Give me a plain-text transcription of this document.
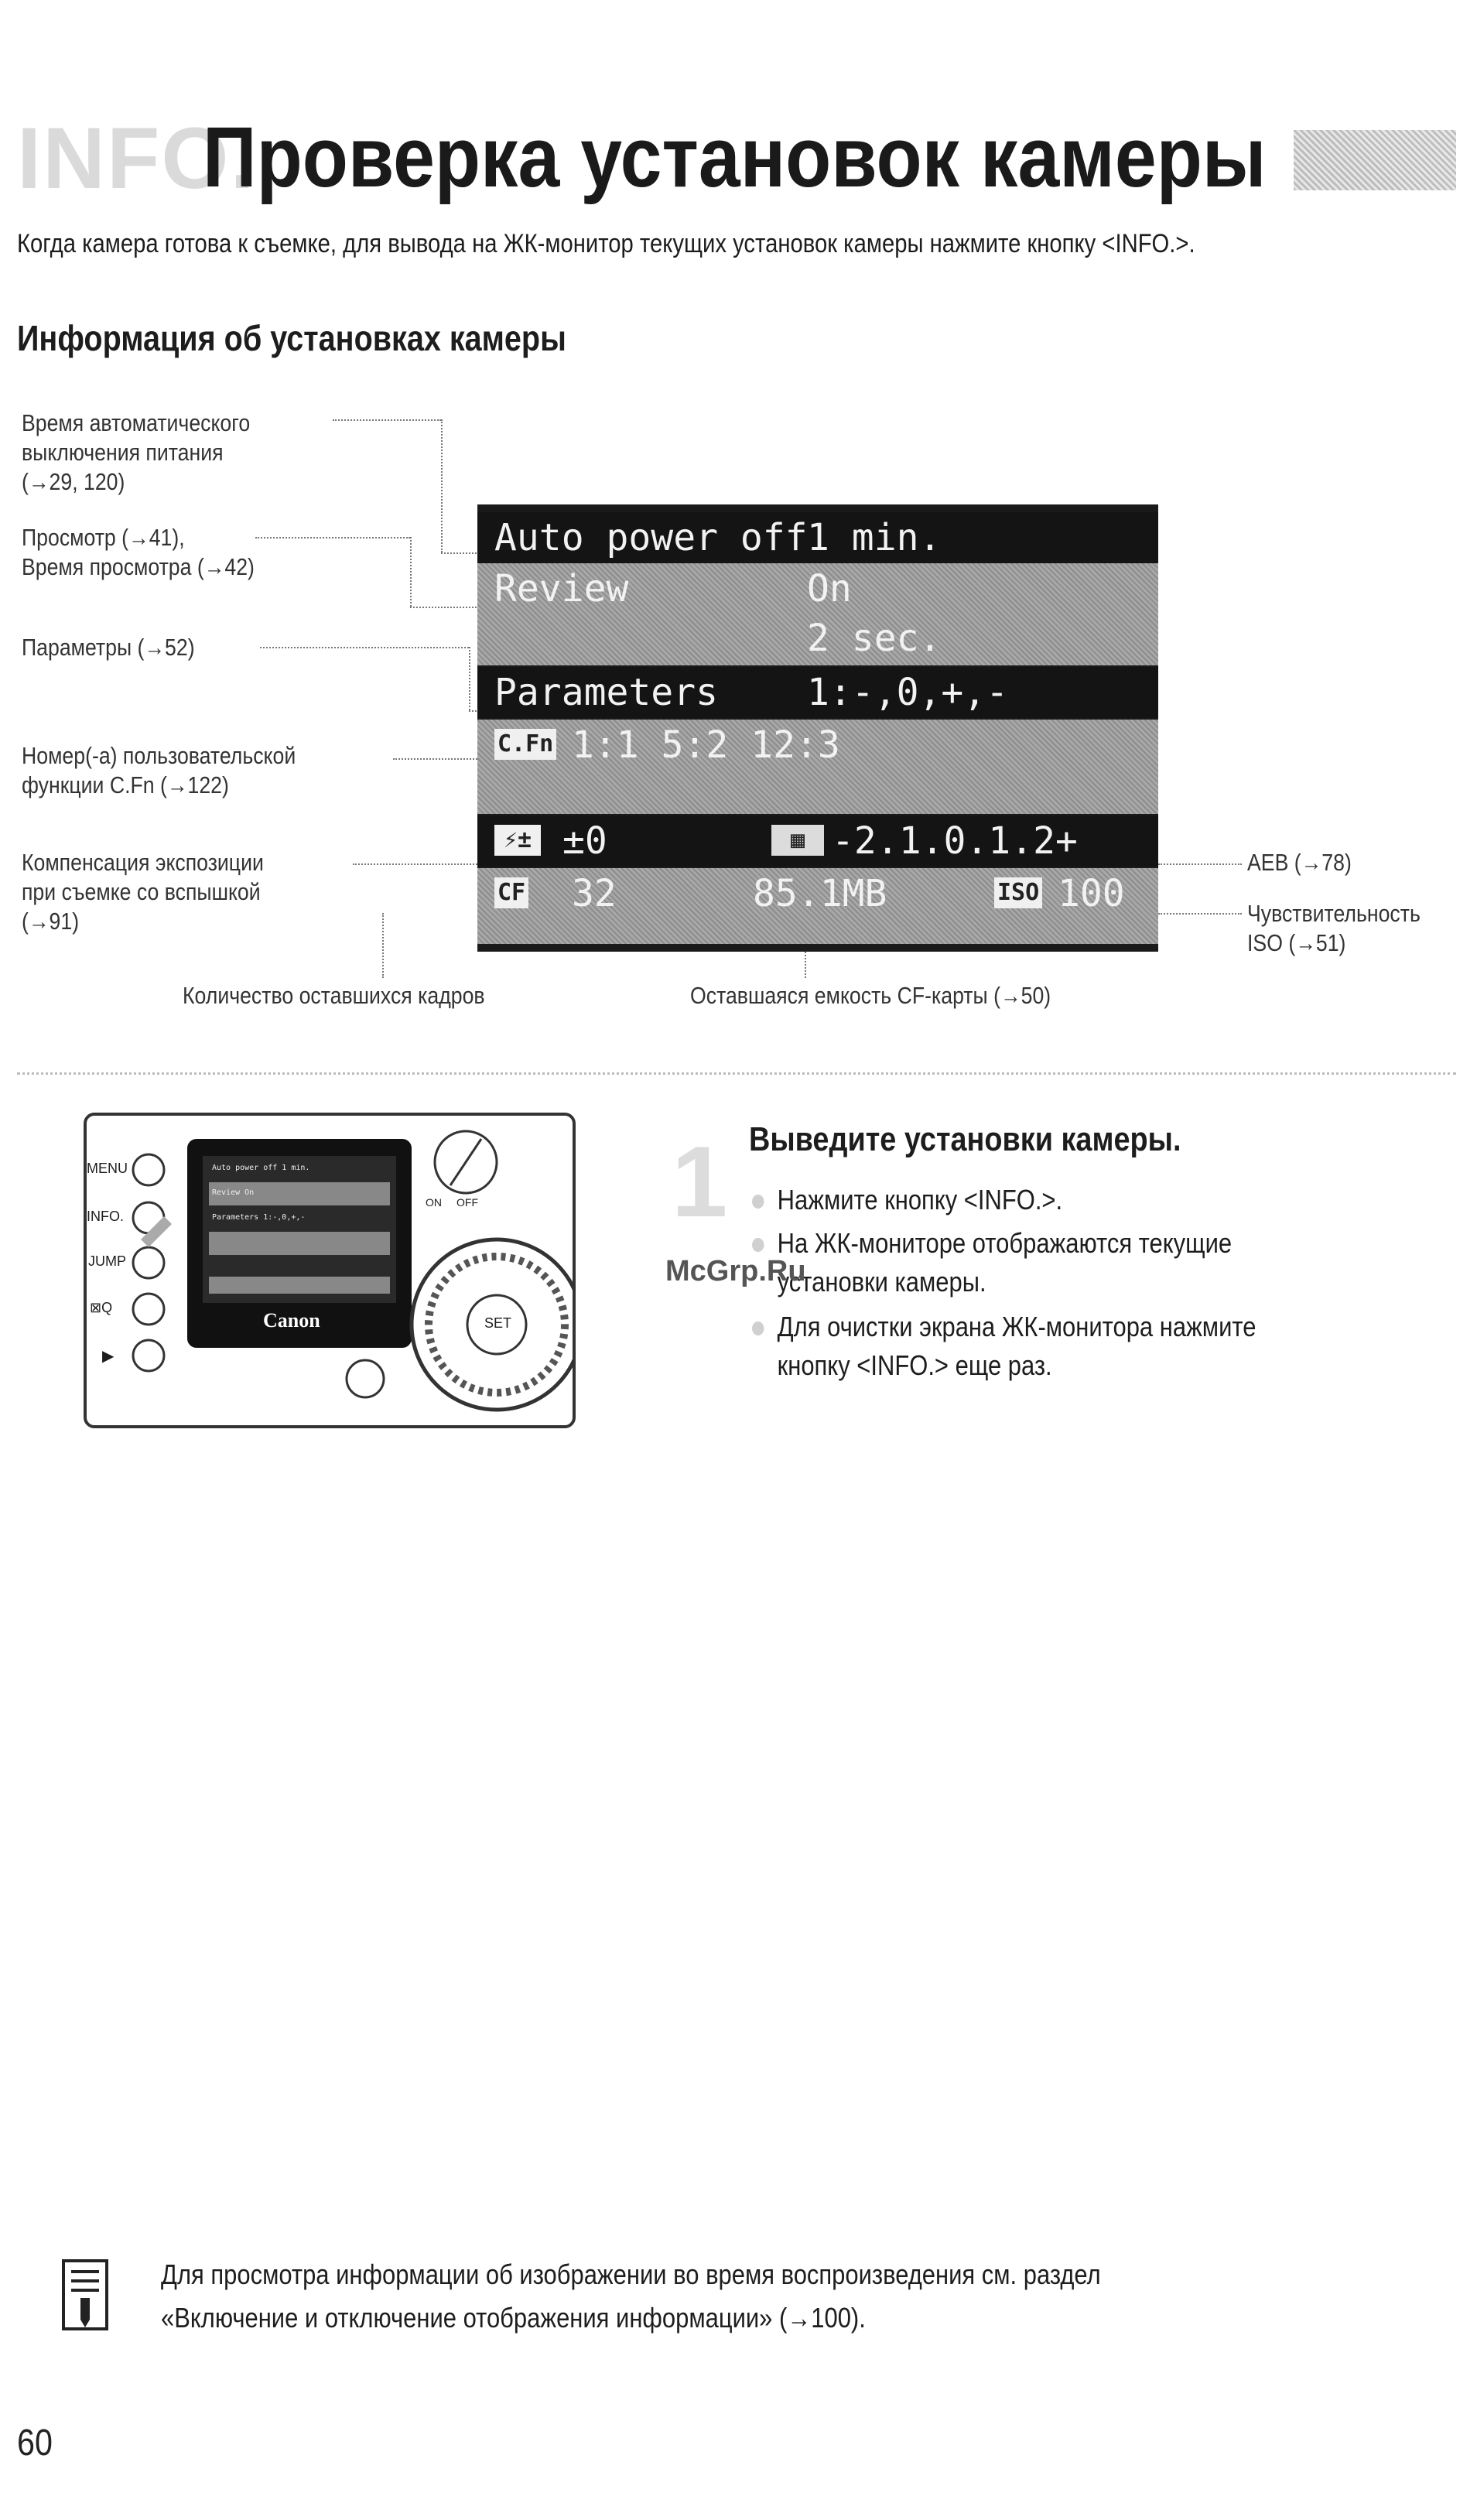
INFO.
Проверка установок камеры
Когда камера готова к съемке, для вывода на ЖК-монитор текущих установок камеры нажмите кнопку <INFO.>.
Информация об установках камеры
Время автоматического
выключения питания
(→29, 120)
Просмотр (→41),
Время просмотра (→42)
Параметры (→52)
Номер(-а) пользовательской
функции C.Fn (→122)
Компенсация экспозиции
при съемке со вспышкой
(→91)
AEB (→78)
Чувствительность
ISO (→51)
Количество оставшихся кадров	Оставшаяся емкость CF-карты (→50)
Auto power off 1 min.
Review	On
2 sec.
Parameters 1:-,0,+,-
C.Fn 1:1 5:2 12:3
⚡± ±0	▦ -2.1.0.1.2+
CF 32	85.1MB	ISO 100
MENU
INFO.
JUMP
⊠Q
▶
Canon	SET
ON OFF
Auto power off 1 min.
Review On
Parameters 1:-,0,+,-	1 Выведите установки камеры.
Нажмите кнопку <INFO.>.
На ЖК-мониторе отображаются текущие
установки камеры.
Для очистки экрана ЖК-монитора нажмите
кнопку <INFO.> еще раз.
McGrp.Ru
Для просмотра информации об изображении во время воспроизведения см. раздел
«Включение и отключение отображения информации» (→100).
60
